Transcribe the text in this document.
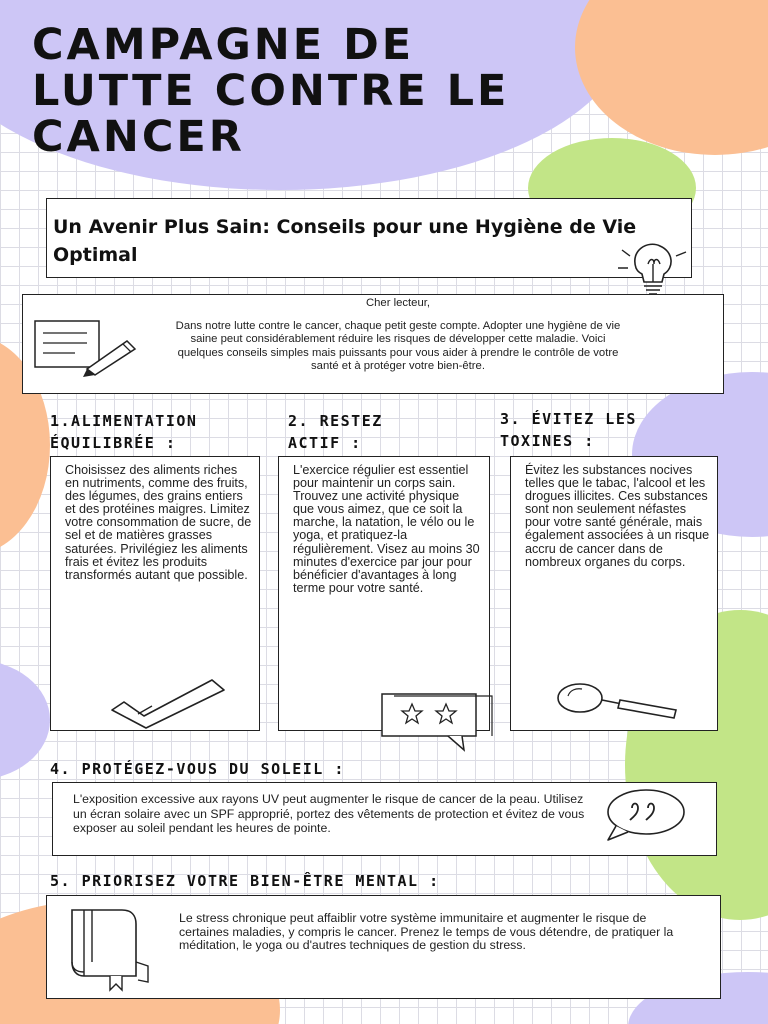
CAMPAGNE DE LUTTE CONTRE LE CANCER
Un Avenir Plus Sain: Conseils pour une Hygiène de Vie Optimal
Cher lecteur,
Dans notre lutte contre le cancer, chaque petit geste compte. Adopter une hygiène de vie saine peut considérablement réduire les risques de développer cette maladie. Voici quelques conseils simples mais puissants pour vous aider à prendre le contrôle de votre santé et à protéger votre bien-être.
1.ALIMENTATION ÉQUILIBRÉE :
2. RESTEZ ACTIF :
3. ÉVITEZ LES TOXINES :
Choisissez des aliments riches en nutriments, comme des fruits, des légumes, des grains entiers et des protéines maigres. Limitez votre consommation de sucre, de sel et de matières grasses saturées. Privilégiez les aliments frais et évitez les produits transformés autant que possible.
L'exercice régulier est essentiel pour maintenir un corps sain. Trouvez une activité physique que vous aimez, que ce soit la marche, la natation, le vélo ou le yoga, et pratiquez-la régulièrement. Visez au moins 30 minutes d'exercice par jour pour bénéficier d'avantages à long terme pour votre santé.
Évitez les substances nocives telles que le tabac, l'alcool et les drogues illicites. Ces substances sont non seulement néfastes pour votre santé générale, mais également associées à un risque accru de cancer dans de nombreux organes du corps.
4. PROTÉGEZ-VOUS DU SOLEIL :
L'exposition excessive aux rayons UV peut augmenter le risque de cancer de la peau. Utilisez un écran solaire avec un SPF approprié, portez des vêtements de protection et évitez de vous exposer au soleil pendant les heures de pointe.
5. PRIORISEZ VOTRE BIEN-ÊTRE MENTAL :
Le stress chronique peut affaiblir votre système immunitaire et augmenter le risque de certaines maladies, y compris le cancer. Prenez le temps de vous détendre, de pratiquer la méditation, le yoga ou d'autres techniques de gestion du stress.
